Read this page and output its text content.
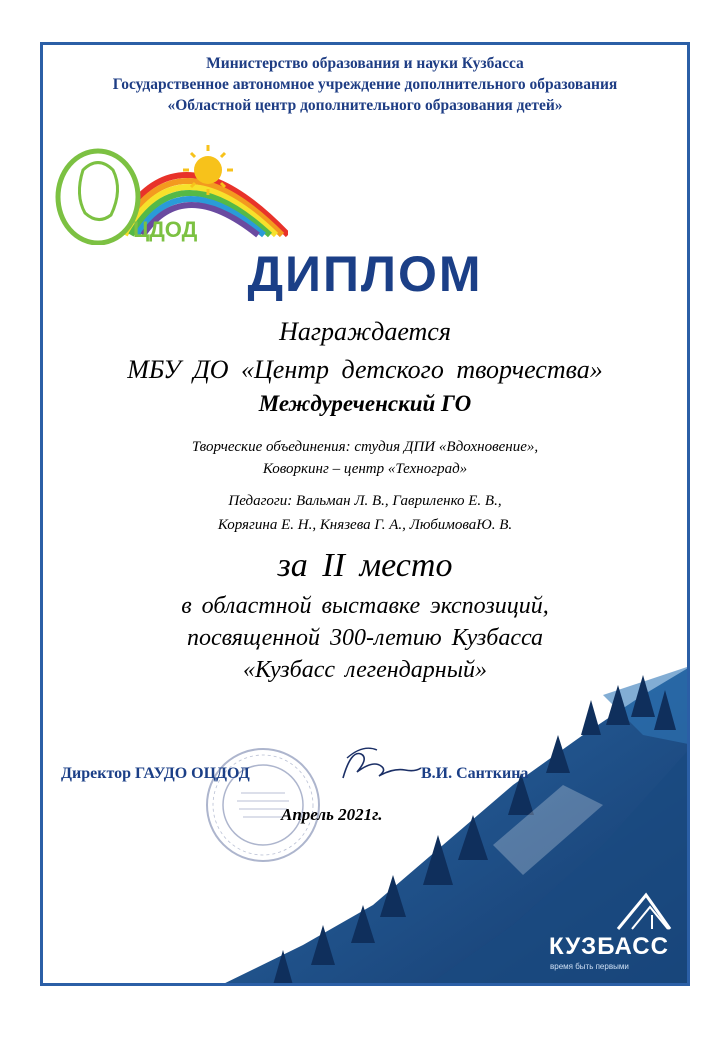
Министерство образования и науки Кузбасса
Государственное автономное учреждение дополнительного образования
«Областной центр дополнительного образования детей»
ЦДОД
ДИПЛОМ
Награждается
МБУ ДО «Центр детского творчества»
Междуреченский ГО
Творческие объединения: студия ДПИ «Вдохновение»,
Коворкинг – центр «Техноград»
Педагоги: Вальман Л. В., Гавриленко Е. В.,
Корягина Е. Н., Князева Г. А., ЛюбимоваЮ. В.
за II место
в областной выставке экспозиций,
посвященной 300-летию Кузбасса
«Кузбасс легендарный»
Директор ГАУДО ОЦДОД	В.И. Санткина
Апрель 2021г.
КУЗБАСС
время быть первыми
